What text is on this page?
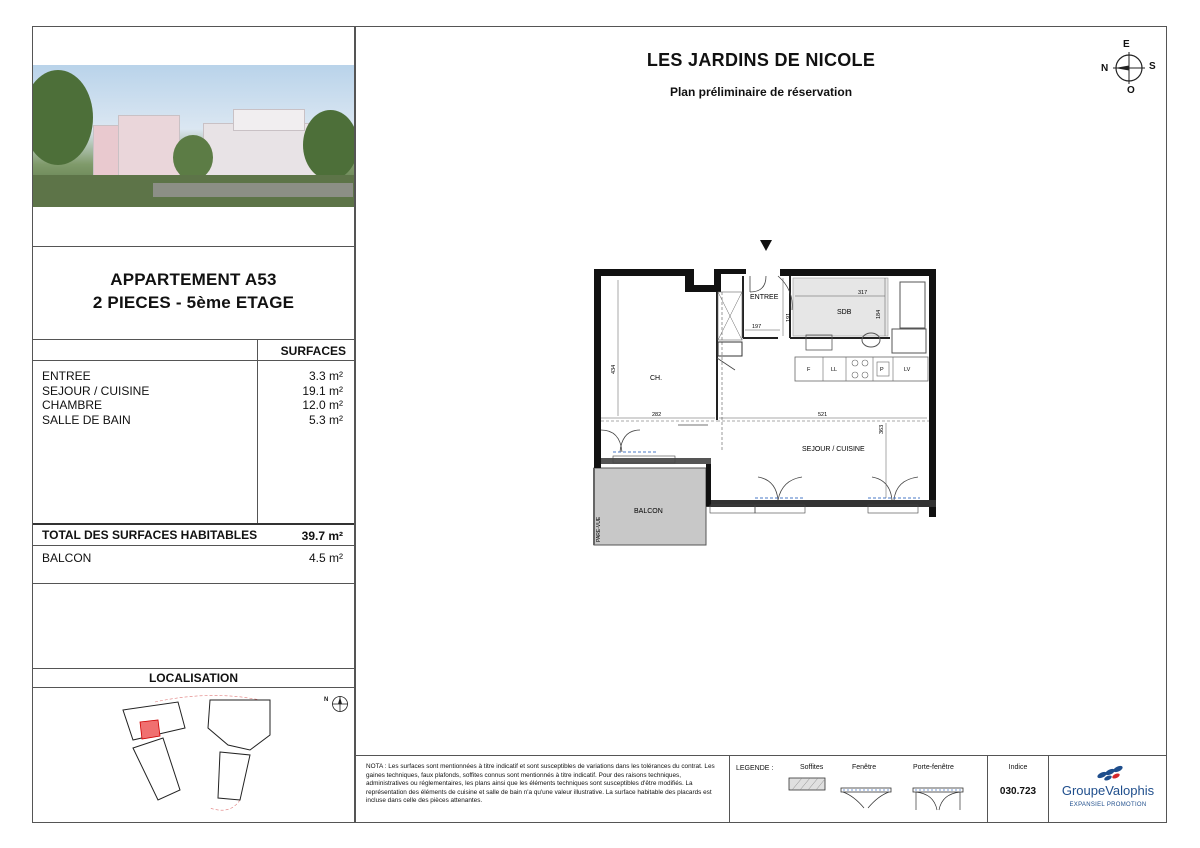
APPARTEMENT A53
2 PIECES - 5ème ETAGE
SURFACES
ENTREE	3.3 m²
SEJOUR / CUISINE	19.1 m²
CHAMBRE	12.0 m²
SALLE DE BAIN	5.3 m²
TOTAL DES SURFACES HABITABLES	39.7 m²
BALCON	4.5 m²
LOCALISATION
N
LES JARDINS DE NICOLE
Plan préliminaire de réservation
E
N	S
O
ENTREE
SDB
CH.
SEJOUR / CUISINE
BALCON
PARE-VUE
F	LL	P	LV
317
184
191
197
434
282	521
363
NOTA : Les surfaces sont mentionnées à titre indicatif et sont susceptibles de variations dans les tolérances du contrat. Les gaines techniques, faux plafonds, soffites connus sont mentionnés à titre indicatif. Pour des raisons techniques, administratives ou réglementaires, les plans ainsi que les éléments techniques sont susceptibles d'être modifiés. La représentation des éléments de cuisine et salle de bain n'a qu'une valeur illustrative. La surface habitable des placards est incluse dans celle des pièces attenantes.
LEGENDE :	Soffites	Fenêtre	Porte-fenêtre	Indice
030.723	GroupeValophis
EXPANSIEL PROMOTION
